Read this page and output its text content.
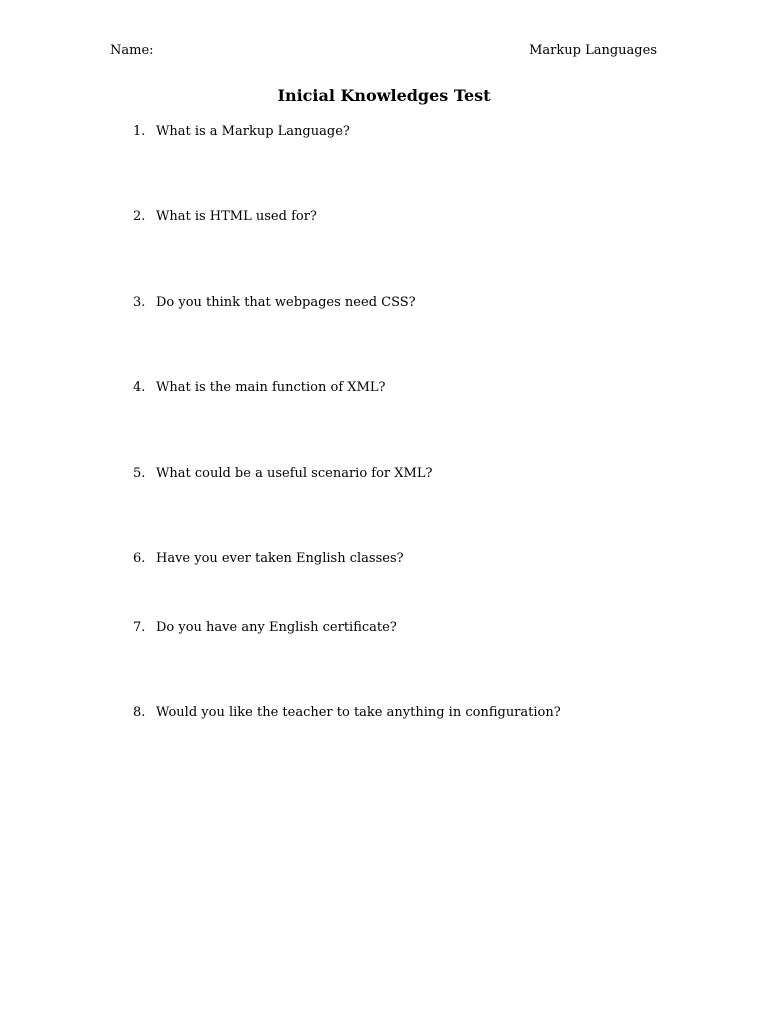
Name:	Markup Languages
Inicial Knowledges Test
1. What is a Markup Language?
2. What is HTML used for?
3. Do you think that webpages need CSS?
4. What is the main function of XML?
5. What could be a useful scenario for XML?
6. Have you ever taken English classes?
7. Do you have any English certificate?
8. Would you like the teacher to take anything in configuration?
